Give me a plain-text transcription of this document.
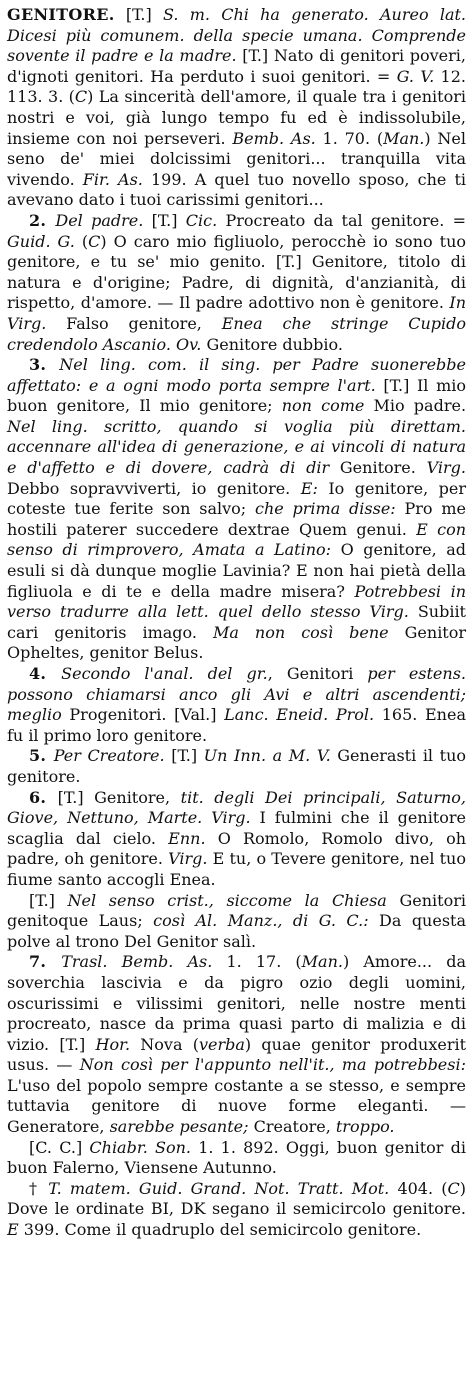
GENITORE. [T.] S. m. Chi ha generato. Aureo lat. Dicesi più comunem. della specie umana. Comprende sovente il padre e la madre. [T.] Nato di genitori poveri, d'ignoti genitori. Ha perduto i suoi genitori. = G. V. 12. 113. 3. (C) La sincerità dell'amore, il quale tra i genitori nostri e voi, già lungo tempo fu ed è indissolubile, insieme con noi perseveri. Bemb. As. 1. 70. (Man.) Nel seno de' miei dolcissimi genitori... tranquilla vita vivendo. Fir. As. 199. A quel tuo novello sposo, che ti avevano dato i tuoi carissimi genitori...

2. Del padre. [T.] Cic. Procreato da tal genitore. = Guid. G. (C) O caro mio figliuolo, perocchè io sono tuo genitore, e tu se' mio genito. [T.] Genitore, titolo di natura e d'origine; Padre, di dignità, d'anzianità, di rispetto, d'amore. — Il padre adottivo non è genitore. In Virg. Falso genitore, Enea che stringe Cupido credendolo Ascanio. Ov. Genitore dubbio.

3. Nel ling. com. il sing. per Padre suonerebbe affettato: e a ogni modo porta sempre l'art. [T.] Il mio buon genitore, Il mio genitore; non come Mio padre. Nel ling. scritto, quando si voglia più direttam. accennare all'idea di generazione, e ai vincoli di natura e d'affetto e di dovere, cadrà di dir Genitore. Virg. Debbo sopravviverti, io genitore. E: Io genitore, per coteste tue ferite son salvo; che prima disse: Pro me hostili paterer succedere dextrae Quem genui. E con senso di rimprovero, Amata a Latino: O genitore, ad esuli si dà dunque moglie Lavinia? E non hai pietà della figliuola e di te e della madre misera? Potrebbesi in verso tradurre alla lett. quel dello stesso Virg. Subiit cari genitoris imago. Ma non così bene Genitor Opheltes, genitor Belus.

4. Secondo l'anal. del gr., Genitori per estens. possono chiamarsi anco gli Avi e altri ascendenti; meglio Progenitori. [Val.] Lanc. Eneid. Prol. 165. Enea fu il primo loro genitore.

5. Per Creatore. [T.] Un Inn. a M. V. Generasti il tuo genitore.

6. [T.] Genitore, tit. degli Dei principali, Saturno, Giove, Nettuno, Marte. Virg. I fulmini che il genitore scaglia dal cielo. Enn. O Romolo, Romolo divo, oh padre, oh genitore. Virg. E tu, o Tevere genitore, nel tuo fiume santo accogli Enea.

[T.] Nel senso crist., siccome la Chiesa Genitori genitoque Laus; così Al. Manz., di G. C.: Da questa polve al trono Del Genitor salì.

7. Trasl. Bemb. As. 1. 17. (Man.) Amore... da soverchia lascivia e da pigro ozio degli uomini, oscurissimi e vilissimi genitori, nelle nostre menti procreato, nasce da prima quasi parto di malizia e di vizio. [T.] Hor. Nova (verba) quae genitor produxerit usus. — Non così per l'appunto nell'it., ma potrebbesi: L'uso del popolo sempre costante a se stesso, e sempre tuttavia genitore di nuove forme eleganti. — Generatore, sarebbe pesante; Creatore, troppo.

[C. C.] Chiabr. Son. 1. 1. 892. Oggi, buon genitor di buon Falerno, Viensene Autunno.

† T. matem. Guid. Grand. Not. Tratt. Mot. 404. (C) Dove le ordinate BI, DK segano il semicircolo genitore. E 399. Come il quadruplo del semicircolo genitore.
